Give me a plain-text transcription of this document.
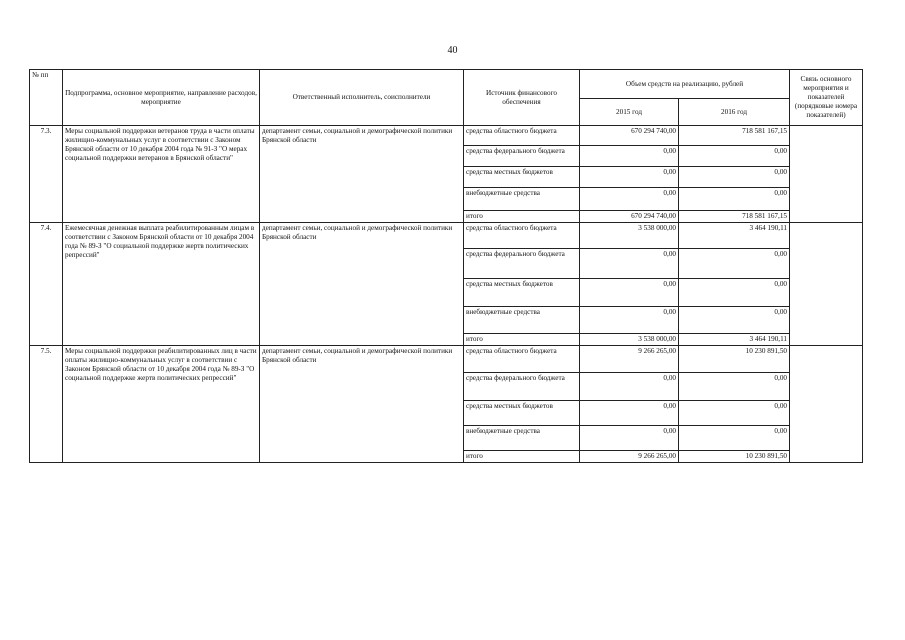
40
№ пп	Подпрограмма, основное мероприятие, направление расходов, мероприятие	Ответственный исполнитель, соисполнители	Источник финансового обеспечения	Объем средств на реализацию, рублей		Связь основного мероприятия и показателей (порядковые номера показателей)
				2015 год	2016 год	
7.3.	Меры социальной поддержки ветеранов труда в части оплаты жилищно-коммунальных услуг в соответствии с Законом Брянской области от 10 декабря 2004 года № 91-З "О мерах социальной поддержки ветеранов в Брянской области"	департамент семьи, социальной и демографической политики Брянской области	средства областного бюджета	670 294 740,00	718 581 167,15	
			средства федерального бюджета	0,00	0,00	
			средства местных бюджетов	0,00	0,00	
			внебюджетные средства	0,00	0,00	
			итого	670 294 740,00	718 581 167,15	
7.4.	Ежемесячная денежная выплата реабилитированным лицам в соответствии с Законом Брянской области от 10 декабря 2004 года № 89-З "О социальной поддержке жертв политических репрессий"	департамент семьи, социальной и демографической политики Брянской области	средства областного бюджета	3 538 000,00	3 464 190,11	
			средства федерального бюджета	0,00	0,00	
			средства местных бюджетов	0,00	0,00	
			внебюджетные средства	0,00	0,00	
			итого	3 538 000,00	3 464 190,11	
7.5.	Меры социальной поддержки реабилитированных лиц в части оплаты жилищно-коммунальных услуг в соответствии с Законом Брянской области от 10 декабря 2004 года № 89-З "О социальной поддержке жертв политических репрессий"	департамент семьи, социальной и демографической политики Брянской области	средства областного бюджета	9 266 265,00	10 230 891,50	
			средства федерального бюджета	0,00	0,00	
			средства местных бюджетов	0,00	0,00	
			внебюджетные средства	0,00	0,00	
			итого	9 266 265,00	10 230 891,50	
